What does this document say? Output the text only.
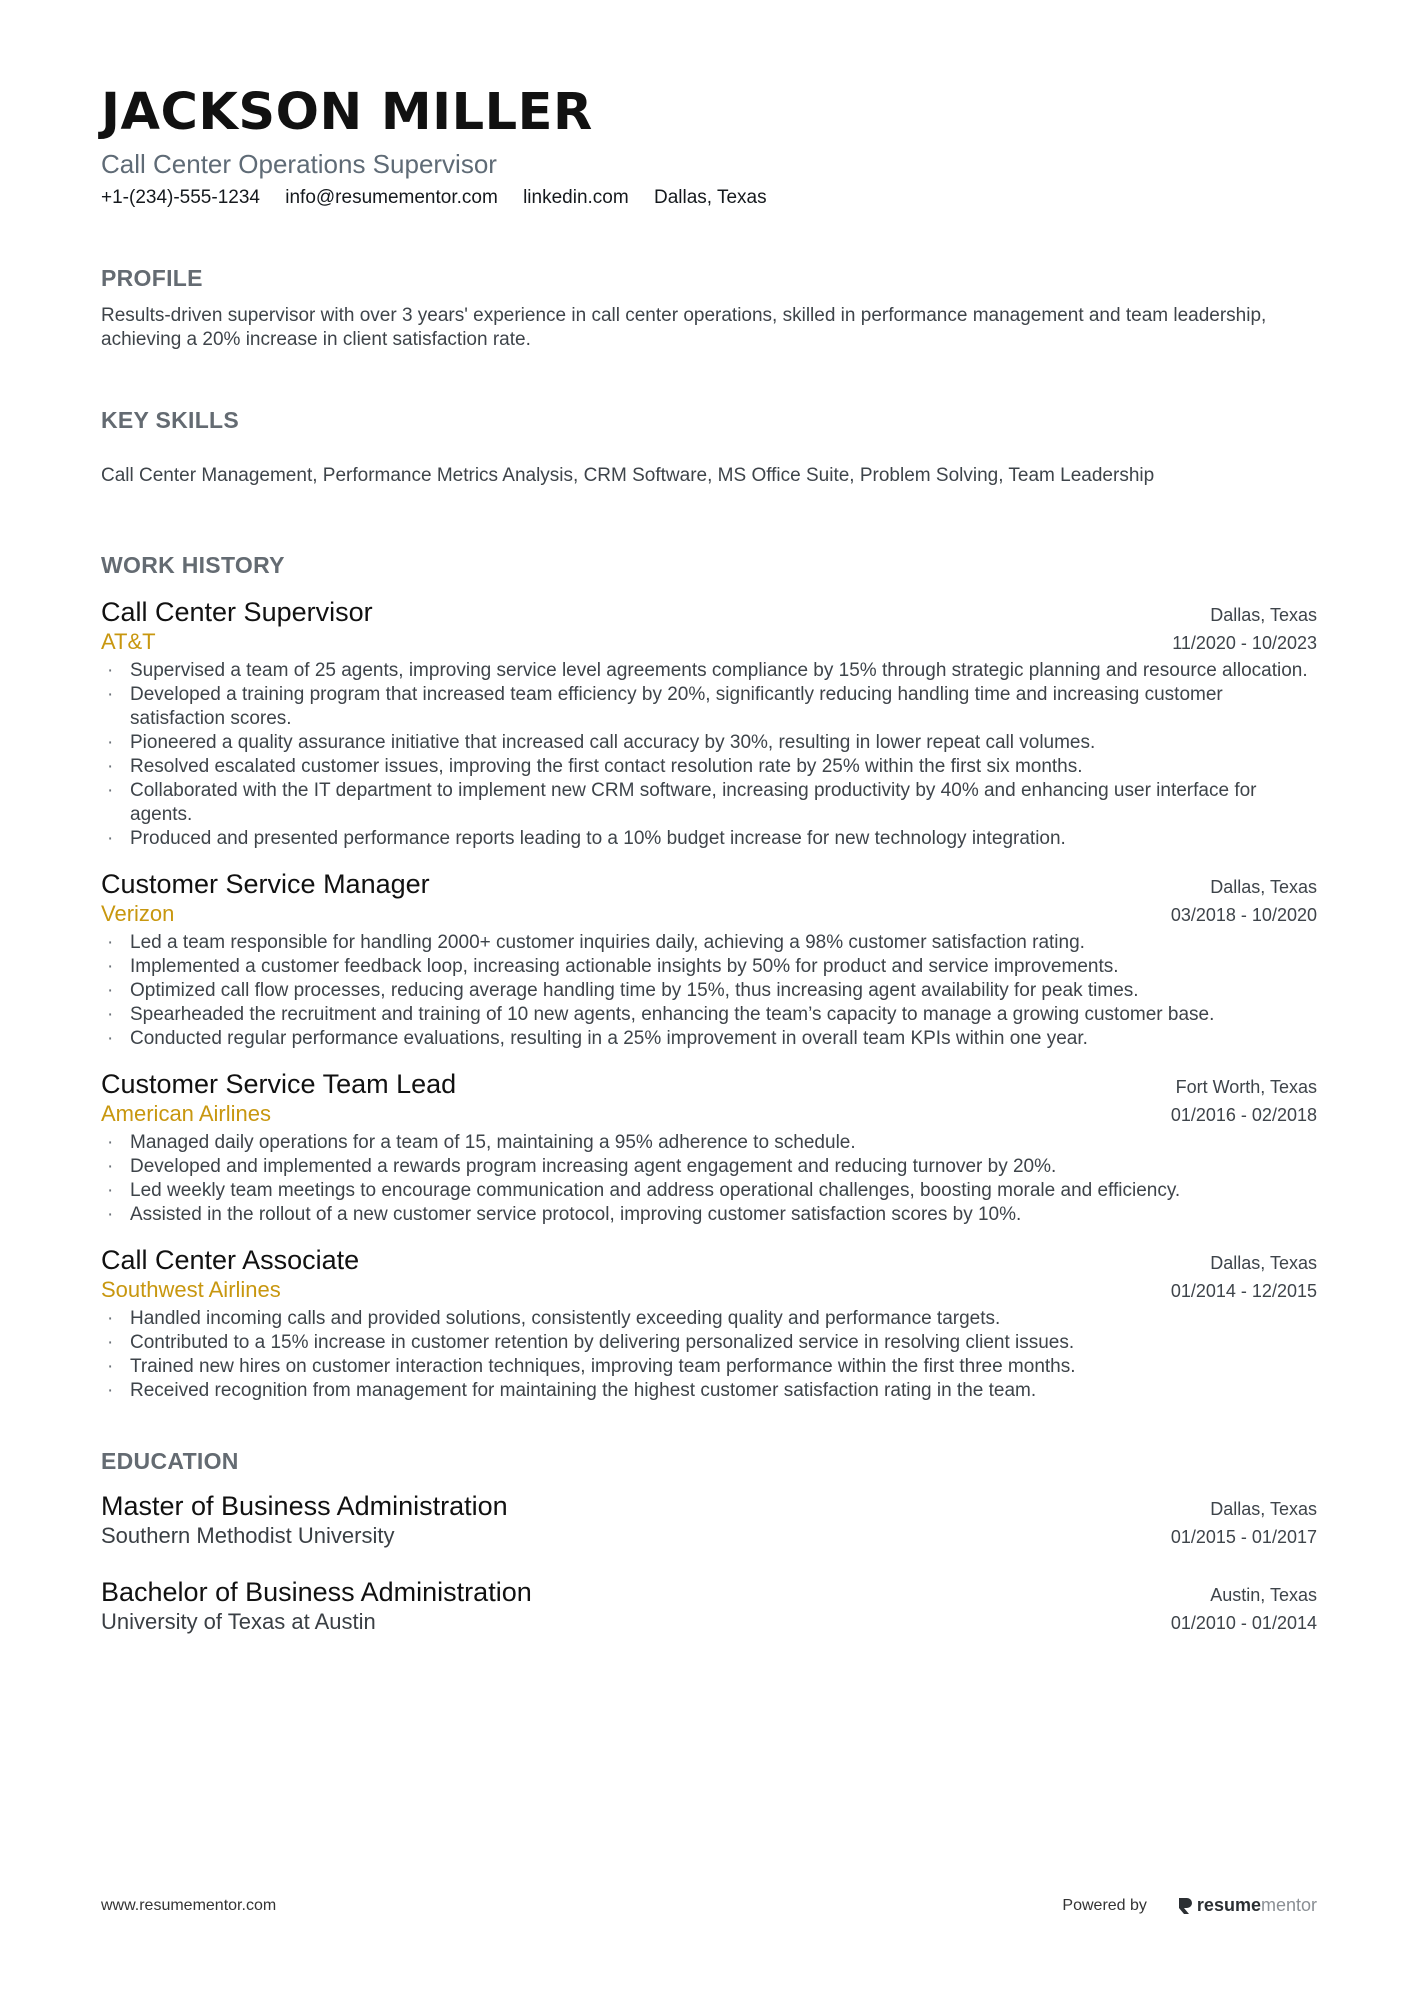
JACKSON MILLER
Call Center Operations Supervisor
+1-(234)-555-1234 info@resumementor.com linkedin.com Dallas, Texas
PROFILE
Results-driven supervisor with over 3 years' experience in call center operations, skilled in performance management and team leadership, achieving a 20% increase in client satisfaction rate.
KEY SKILLS
Call Center Management, Performance Metrics Analysis, CRM Software, MS Office Suite, Problem Solving, Team Leadership
WORK HISTORY
Call Center Supervisor	Dallas, Texas
AT&T	11/2020 - 10/2023
· Supervised a team of 25 agents, improving service level agreements compliance by 15% through strategic planning and resource allocation.
· Developed a training program that increased team efficiency by 20%, significantly reducing handling time and increasing customer satisfaction scores.
· Pioneered a quality assurance initiative that increased call accuracy by 30%, resulting in lower repeat call volumes.
· Resolved escalated customer issues, improving the first contact resolution rate by 25% within the first six months.
· Collaborated with the IT department to implement new CRM software, increasing productivity by 40% and enhancing user interface for agents.
· Produced and presented performance reports leading to a 10% budget increase for new technology integration.
Customer Service Manager	Dallas, Texas
Verizon	03/2018 - 10/2020
· Led a team responsible for handling 2000+ customer inquiries daily, achieving a 98% customer satisfaction rating.
· Implemented a customer feedback loop, increasing actionable insights by 50% for product and service improvements.
· Optimized call flow processes, reducing average handling time by 15%, thus increasing agent availability for peak times.
· Spearheaded the recruitment and training of 10 new agents, enhancing the team’s capacity to manage a growing customer base.
· Conducted regular performance evaluations, resulting in a 25% improvement in overall team KPIs within one year.
Customer Service Team Lead	Fort Worth, Texas
American Airlines	01/2016 - 02/2018
· Managed daily operations for a team of 15, maintaining a 95% adherence to schedule.
· Developed and implemented a rewards program increasing agent engagement and reducing turnover by 20%.
· Led weekly team meetings to encourage communication and address operational challenges, boosting morale and efficiency.
· Assisted in the rollout of a new customer service protocol, improving customer satisfaction scores by 10%.
Call Center Associate	Dallas, Texas
Southwest Airlines	01/2014 - 12/2015
· Handled incoming calls and provided solutions, consistently exceeding quality and performance targets.
· Contributed to a 15% increase in customer retention by delivering personalized service in resolving client issues.
· Trained new hires on customer interaction techniques, improving team performance within the first three months.
· Received recognition from management for maintaining the highest customer satisfaction rating in the team.
EDUCATION
Master of Business Administration	Dallas, Texas
Southern Methodist University	01/2015 - 01/2017
Bachelor of Business Administration	Austin, Texas
University of Texas at Austin	01/2010 - 01/2014
www.resumementor.com	Powered by	resume mentor
